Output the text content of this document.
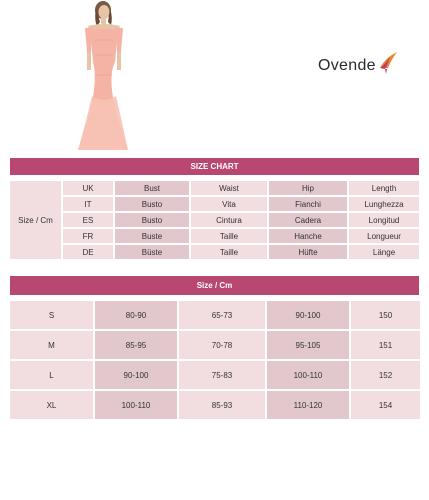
Ovende
SIZE CHART					

Size / Cm	UK	Bust	Waist	Hip	Length
	IT	Busto	Vita	Fianchi	Lunghezza
	ES	Busto	Cintura	Cadera	Longitud
	FR	Buste	Taille	Hanche	Longueur
	DE	Büste	Taille	Hüfte	Länge
Size / Cm				

S	80-90	65-73	90-100	150
M	85-95	70-78	95-105	151
L	90-100	75-83	100-110	152
XL	100-110	85-93	110-120	154
